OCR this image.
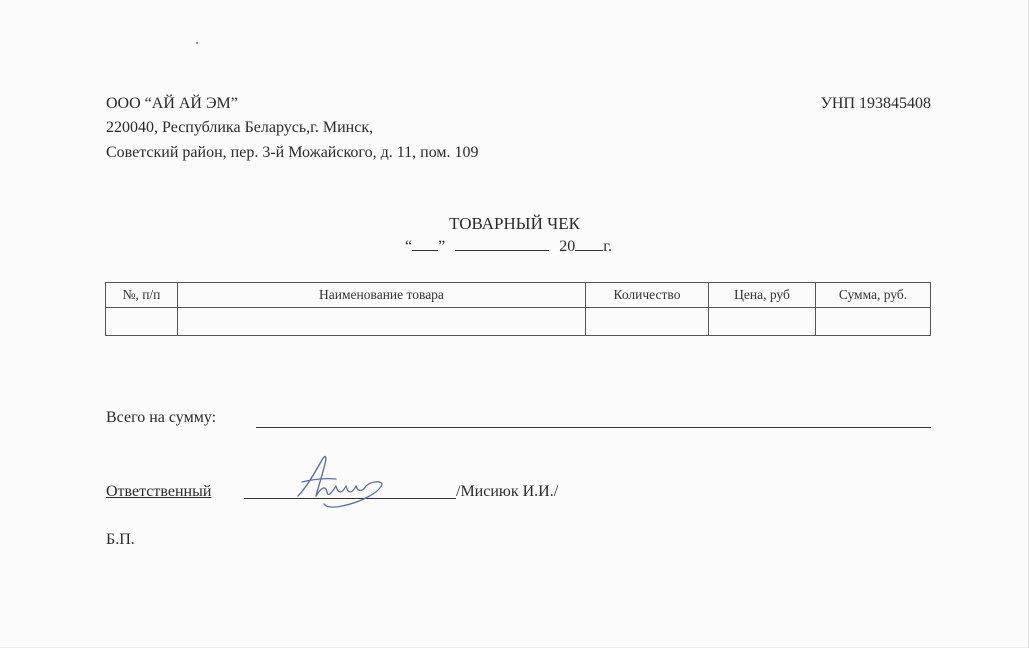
ООО “АЙ АЙ ЭМ”	УНП 193845408
220040, Республика Беларусь,г. Минск,
Советский район, пер. 3-й Можайского, д. 11, пом. 109
ТОВАРНЫЙ ЧЕК
“ ”	20 г.
№, п/п	Наименование товара	Количество	Цена, руб	Сумма, руб.

Всего на сумму:
Ответственный	/Мисиюк И.И./
Б.П.
